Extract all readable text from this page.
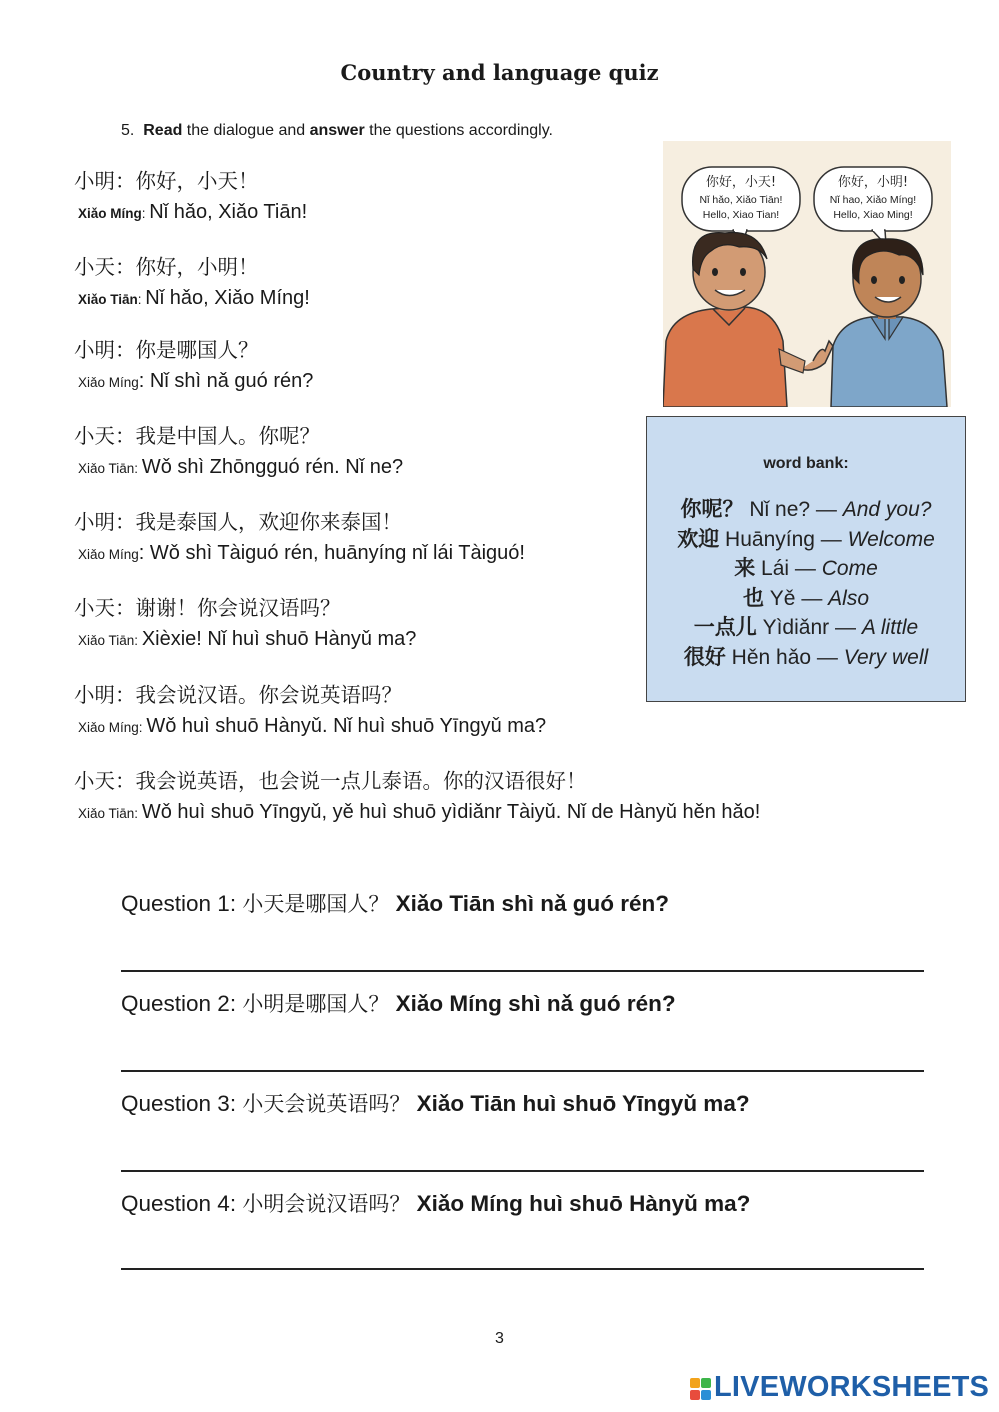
Country and language quiz
5. Read the dialogue and answer the questions accordingly.
小明：你好，小天！
Xiǎo Míng: Nǐ hǎo, Xiǎo Tiān!
小天：你好，小明！
Xiǎo Tiān: Nǐ hǎo, Xiǎo Míng!
小明：你是哪国人？
Xiǎo Míng: Nǐ shì nǎ guó rén?
小天：我是中国人。你呢？
Xiǎo Tiān: Wǒ shì Zhōngguó rén. Nǐ ne?
小明：我是泰国人，欢迎你来泰国！
Xiǎo Míng: Wǒ shì Tàiguó rén, huānyíng nǐ lái Tàiguó!
小天：谢谢！你会说汉语吗？
Xiǎo Tiān: Xièxie! Nǐ huì shuō Hànyǔ ma?
小明：我会说汉语。你会说英语吗？
Xiǎo Míng: Wǒ huì shuō Hànyǔ. Nǐ huì shuō Yīngyǔ ma?
小天：我会说英语，也会说一点儿泰语。你的汉语很好！
Xiǎo Tiān: Wǒ huì shuō Yīngyǔ, yě huì shuō yìdiǎnr Tàiyǔ. Nǐ de Hànyǔ hěn hǎo!
你好，小天!
Nǐ hǎo, Xiǎo Tiān!
Hello, Xiao Tian!
你好，小明!
Nǐ hao, Xiǎo Míng!
Hello, Xiao Ming!
word bank:
你呢？ Nǐ ne? — And you?
欢迎 Huānyíng — Welcome
来 Lái — Come
也 Yě — Also
一点儿 Yìdiǎnr — A little
很好 Hěn hǎo — Very well
Question 1: 小天是哪国人？ Xiǎo Tiān shì nǎ guó rén?
Question 2: 小明是哪国人？ Xiǎo Míng shì nǎ guó rén?
Question 3: 小天会说英语吗？ Xiǎo Tiān huì shuō Yīngyǔ ma?
Question 4: 小明会说汉语吗？ Xiǎo Míng huì shuō Hànyǔ ma?
3
LIVEWORKSHEETS
